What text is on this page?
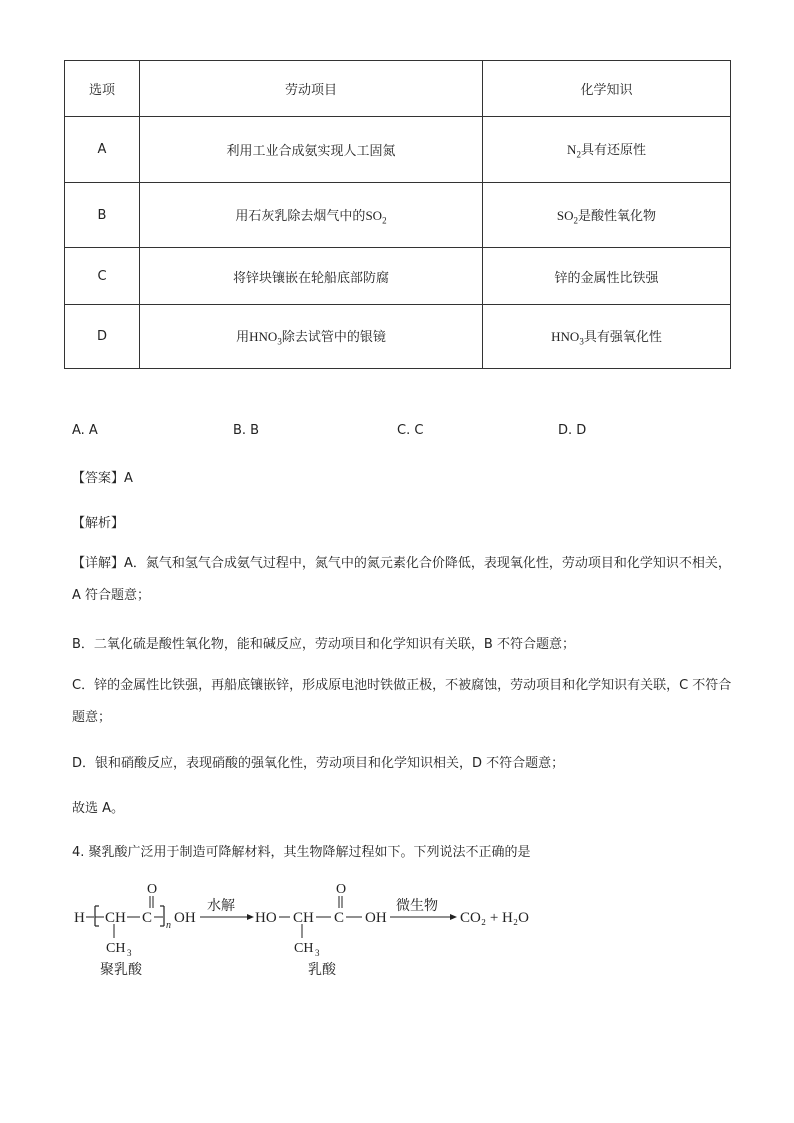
选项	劳动项目	化学知识
A	利用工业合成氨实现人工固氮	$N_2$具有还原性
B	用石灰乳除去烟气中的$SO_2$	$SO_2$是酸性氧化物
C	将锌块镶嵌在轮船底部防腐	锌的金属性比铁强
D	用$HNO_3$除去试管中的银镜	$HNO_3$具有强氧化性
A. A	B. B	C. C	D. D
【答案】A
【解析】
【详解】A．氮气和氢气合成氨气过程中，氮气中的氮元素化合价降低，表现氧化性，劳动项目和化学知识不相关，A 符合题意；
B．二氧化硫是酸性氧化物，能和碱反应，劳动项目和化学知识有关联，B 不符合题意；
C．锌的金属性比铁强，再船底镶嵌锌，形成原电池时铁做正极，不被腐蚀，劳动项目和化学知识有关联，C 不符合题意；
D．银和硝酸反应，表现硝酸的强氧化性，劳动项目和化学知识相关，D 不符合题意；
故选 A。
4. 聚乳酸广泛用于制造可降解材料，其生物降解过程如下。下列说法不正确的是
H CH C
O
n OH
CH 3
聚乳酸
水解
HO CH C
O
OH
CH 3
乳酸
微生物
CO₂ + H₂O
